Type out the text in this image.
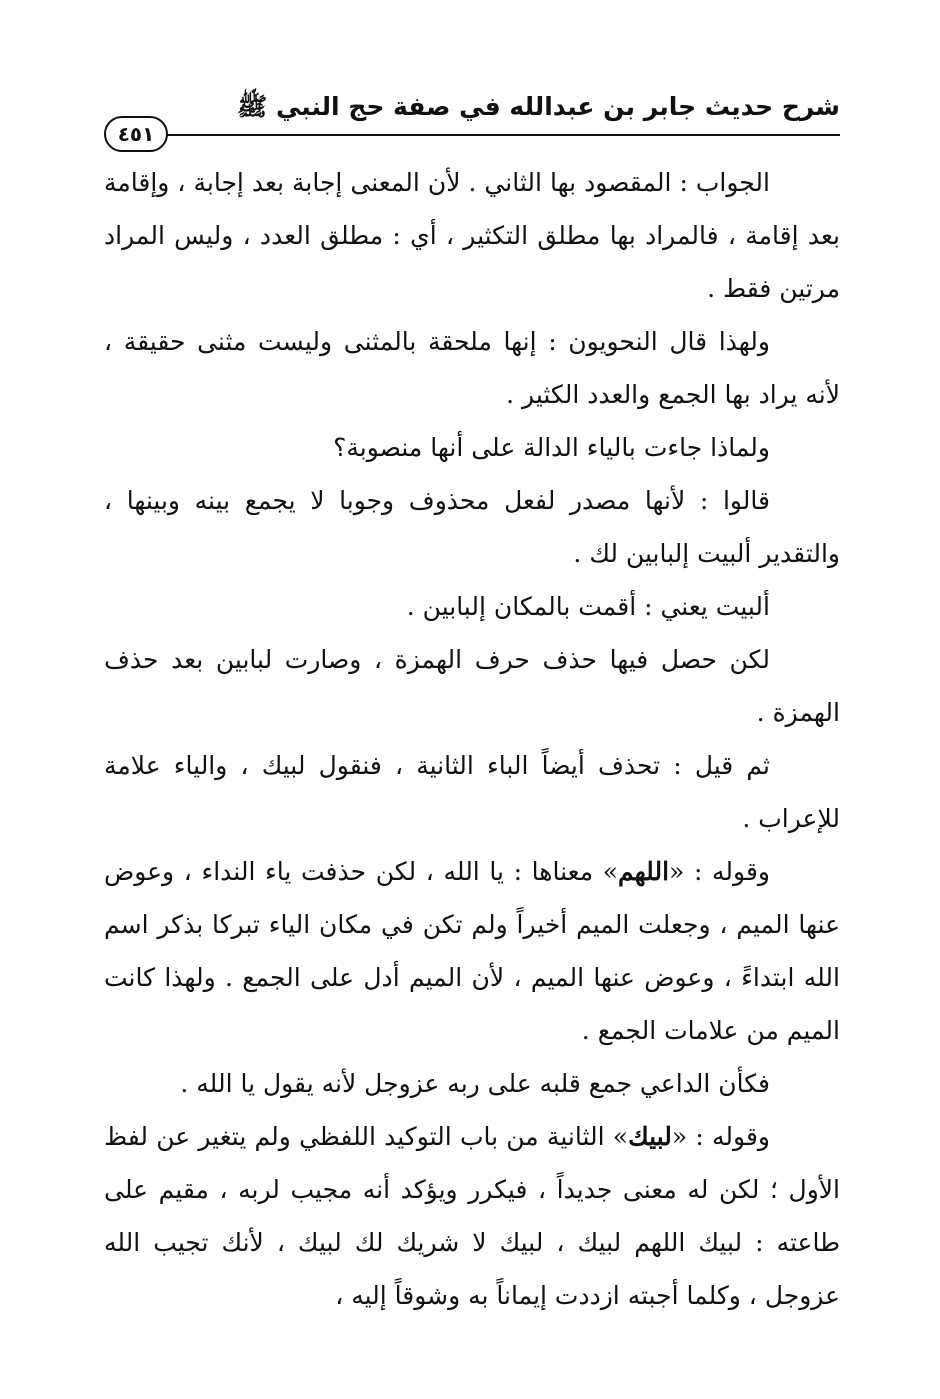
شرح حديث جابر بن عبدالله في صفة حج النبي ﷺ
٤٥١

الجواب : المقصود بها الثاني . لأن المعنى إجابة بعد إجابة ، وإقامة بعد إقامة ، فالمراد بها مطلق التكثير ، أي : مطلق العدد ، وليس المراد مرتين فقط .

ولهذا قال النحويون : إنها ملحقة بالمثنى وليست مثنى حقيقة ، لأنه يراد بها الجمع والعدد الكثير .

ولماذا جاءت بالياء الدالة على أنها منصوبة؟

قالوا : لأنها مصدر لفعل محذوف وجوبا لا يجمع بينه وبينها ، والتقدير ألبيت إلبابين لك .

ألبيت يعني : أقمت بالمكان إلبابين .

لكن حصل فيها حذف حرف الهمزة ، وصارت لبابين بعد حذف الهمزة .

ثم قيل : تحذف أيضاً الباء الثانية ، فنقول لبيك ، والياء علامة للإعراب .

وقوله : «اللهم» معناها : يا الله ، لكن حذفت ياء النداء ، وعوض عنها الميم ، وجعلت الميم أخيراً ولم تكن في مكان الياء تبركا بذكر اسم الله ابتداءً ، وعوض عنها الميم ، لأن الميم أدل على الجمع . ولهذا كانت الميم من علامات الجمع .

فكأن الداعي جمع قلبه على ربه عزوجل لأنه يقول يا الله .

وقوله : «لبيك» الثانية من باب التوكيد اللفظي ولم يتغير عن لفظ الأول ؛ لكن له معنى جديداً ، فيكرر ويؤكد أنه مجيب لربه ، مقيم على طاعته : لبيك اللهم لبيك ، لبيك لا شريك لك لبيك ، لأنك تجيب الله عزوجل ، وكلما أجبته ازددت إيماناً به وشوقاً إليه ،
